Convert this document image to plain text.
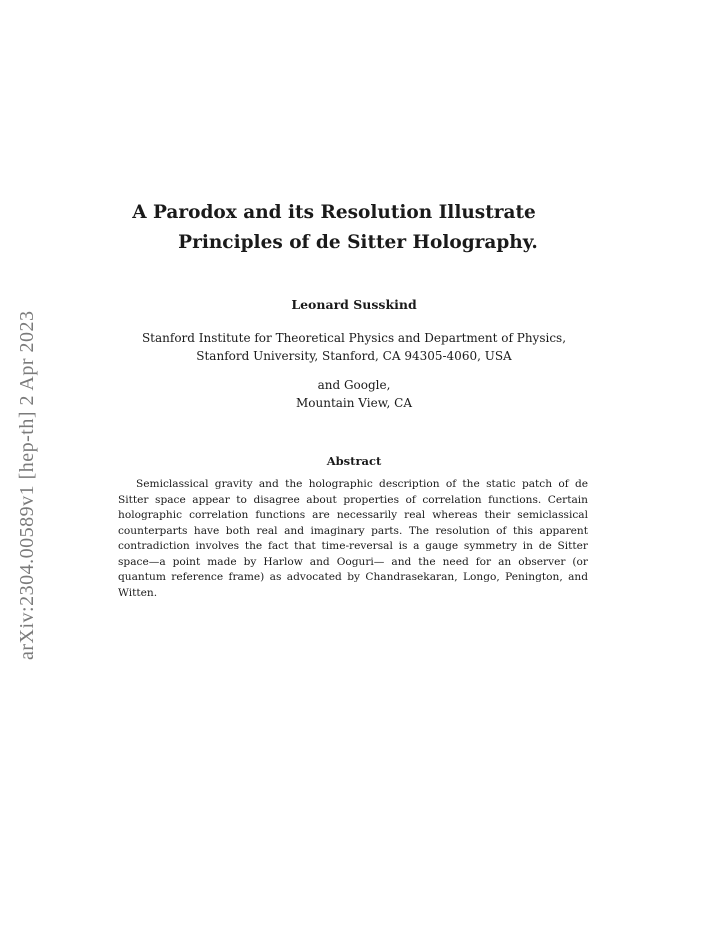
arXiv:2304.00589v1 [hep-th] 2 Apr 2023
A Parodox and its Resolution Illustrate
Principles of de Sitter Holography.
Leonard Susskind
Stanford Institute for Theoretical Physics and Department of Physics,
Stanford University, Stanford, CA 94305-4060, USA
and Google,
Mountain View, CA
Abstract
Semiclassical gravity and the holographic description of the static patch of de Sitter space appear to disagree about properties of correlation functions. Certain holographic correlation functions are necessarily real whereas their semiclassical counterparts have both real and imaginary parts. The resolution of this apparent contradiction involves the fact that time-reversal is a gauge symmetry in de Sitter space—a point made by Harlow and Ooguri— and the need for an observer (or quantum reference frame) as advocated by Chandrasekaran, Longo, Penington, and Witten.
